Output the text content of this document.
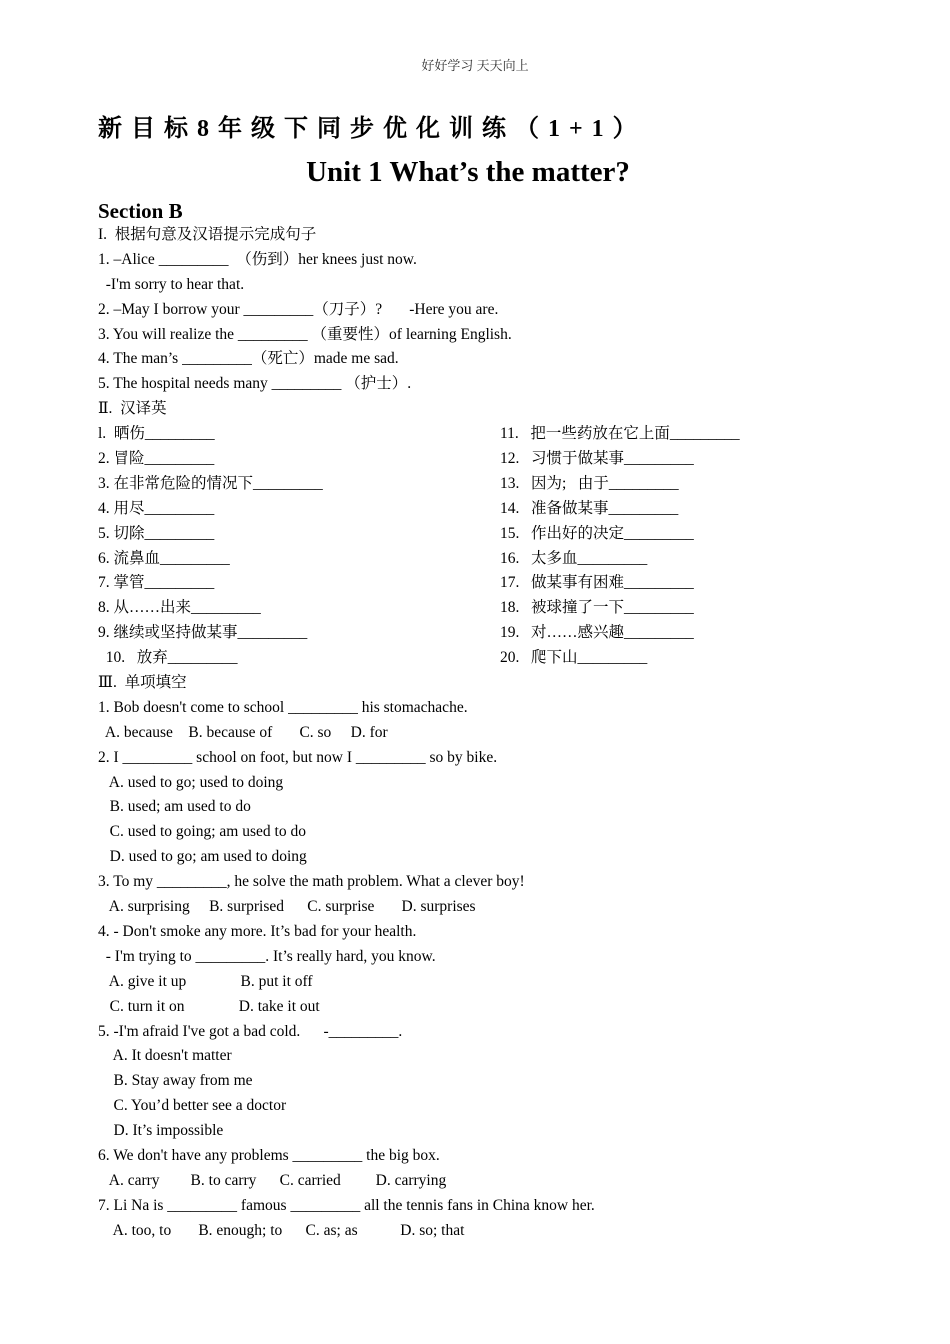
好好学习 天天向上
新目标8年级下同步优化训练（1+1）
Unit 1 What’s the matter?
Section B
I.  根据句意及汉语提示完成句子
1. –Alice _________  （伤到）her knees just now.
-I'm sorry to hear that.
2. –May I borrow your _________（刀子）?       -Here you are.
3. You will realize the _________ （重要性）of learning English.
4. The man’s _________（死亡）made me sad.
5. The hospital needs many _________ （护士）.
Ⅱ.  汉译英
l.  晒伤_________	11.   把一些药放在它上面_________
2. 冒险_________	12.   习惯于做某事_________
3. 在非常危险的情况下_________	13.   因为;   由于_________
4. 用尽_________	14.   准备做某事_________
5. 切除_________	15.   作出好的决定_________
6. 流鼻血_________	16.   太多血_________
7. 掌管_________	17.   做某事有困难_________
8. 从……出来_________	18.   被球撞了一下_________
9. 继续或坚持做某事_________	19.   对……感兴趣_________
10.   放弃_________	20.   爬下山_________
Ⅲ.  单项填空
1. Bob doesn't come to school _________ his stomachache.
A. because    B. because of       C. so     D. for
2. I _________ school on foot, but now I _________ so by bike.
A. used to go; used to doing
B. used; am used to do
C. used to going; am used to do
D. used to go; am used to doing
3. To my _________, he solve the math problem. What a clever boy!
A. surprising     B. surprised      C. surprise       D. surprises
4. - Don't smoke any more. It’s bad for your health.
- I'm trying to _________. It’s really hard, you know.
A. give it up              B. put it off
C. turn it on              D. take it out
5. -I'm afraid I've got a bad cold.      -_________.
A. It doesn't matter
B. Stay away from me
C. You’d better see a doctor
D. It’s impossible
6. We don't have any problems _________ the big box.
A. carry        B. to carry      C. carried         D. carrying
7. Li Na is _________ famous _________ all the tennis fans in China know her.
A. too, to       B. enough; to      C. as; as           D. so; that
